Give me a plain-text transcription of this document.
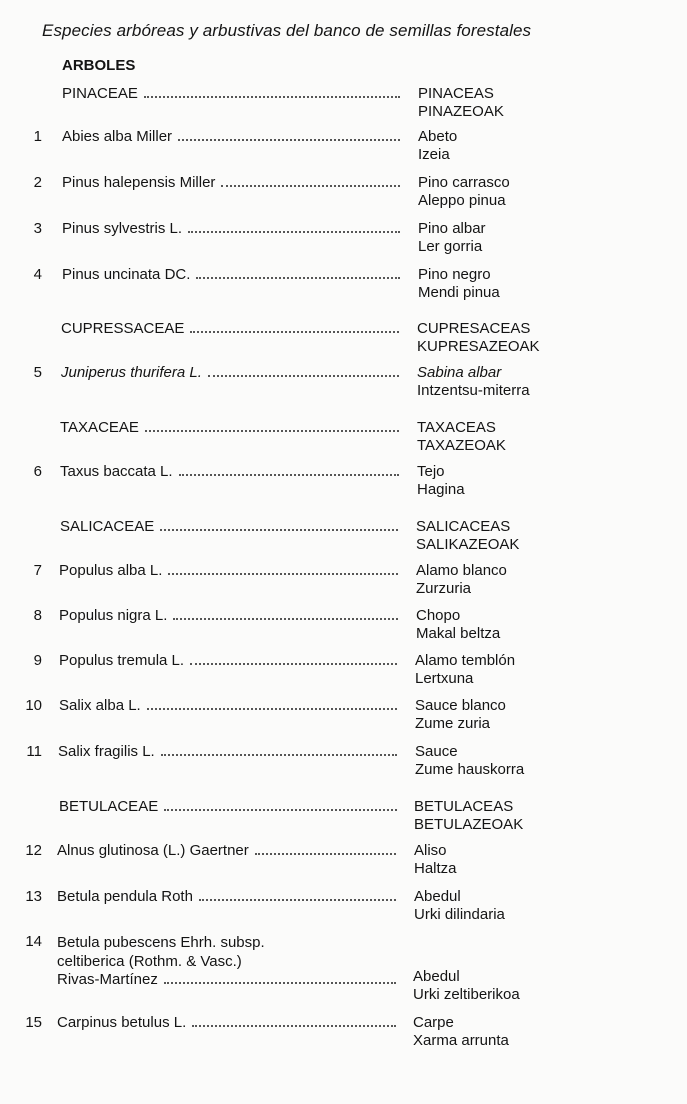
Especies arbóreas y arbustivas del banco de semillas forestales
ARBOLES
PINACEAE	PINACEAS
PINAZEOAK
1 Abies alba Miller	Abeto
Izeia
2 Pinus halepensis Miller	Pino carrasco
Aleppo pinua
3 Pinus sylvestris L.	Pino albar
Ler gorria
4 Pinus uncinata DC.	Pino negro
Mendi pinua
CUPRESSACEAE	CUPRESACEAS
KUPRESAZEOAK
5 Juniperus thurifera L.	Sabina albar
Intzentsu-miterra
TAXACEAE	TAXACEAS
TAXAZEOAK
6 Taxus baccata L.	Tejo
Hagina
SALICACEAE	SALICACEAS
SALIKAZEOAK
7 Populus alba L.	Alamo blanco
Zurzuria
8 Populus nigra L.	Chopo
Makal beltza
9 Populus tremula L.	Alamo temblón
Lertxuna
10 Salix alba L.	Sauce blanco
Zume zuria
11 Salix fragilis L.	Sauce
Zume hauskorra
BETULACEAE	BETULACEAS
BETULAZEOAK
12 Alnus glutinosa (L.) Gaertner	Aliso
Haltza
13 Betula pendula Roth	Abedul
Urki dilindaria
14 Betula pubescens Ehrh. subsp.
celtiberica (Rothm. & Vasc.)
Rivas-Martínez	Abedul
Urki zeltiberikoa
15 Carpinus betulus L.	Carpe
Xarma arrunta
